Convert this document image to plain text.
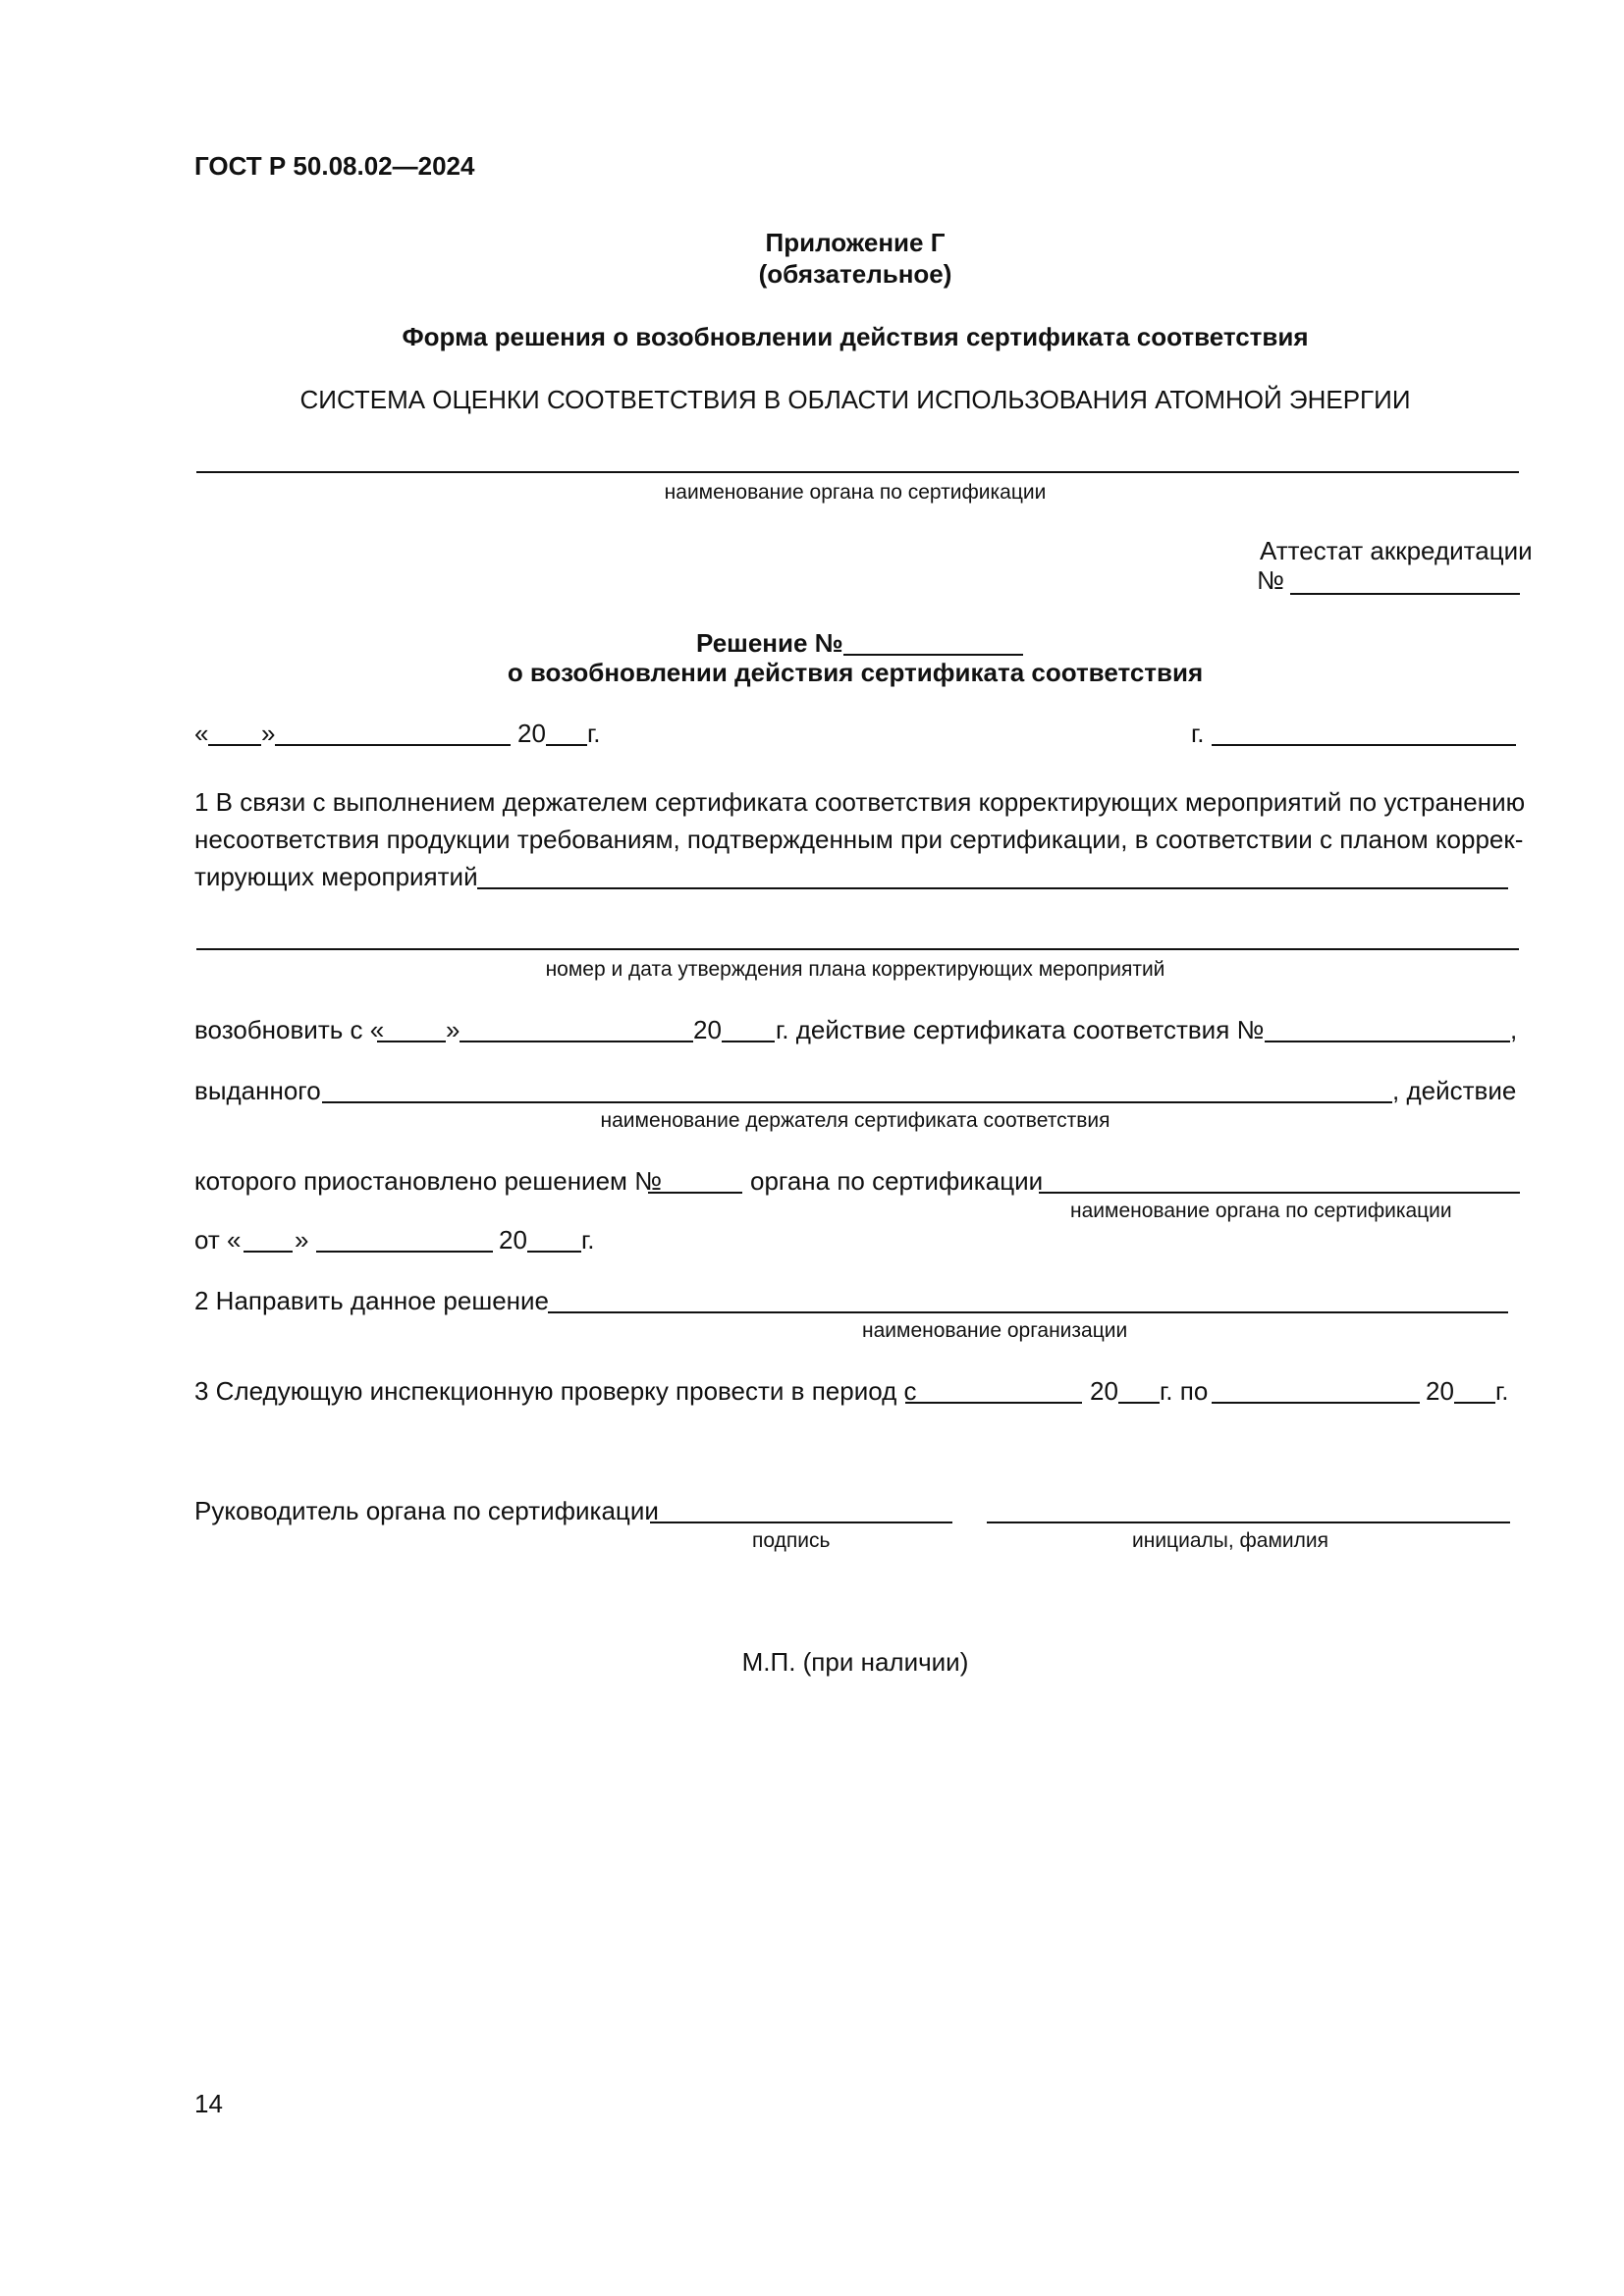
ГОСТ Р 50.08.02—2024
Приложение Г
(обязательное)
Форма решения о возобновлении действия сертификата соответствия
СИСТЕМА ОЦЕНКИ СООТВЕТСТВИЯ В ОБЛАСТИ ИСПОЛЬЗОВАНИЯ АТОМНОЙ ЭНЕРГИИ
наименование органа по сертификации
Аттестат аккредитации
№
Решение №
о возобновлении действия сертификата соответствия
« »	20 г.	г.
1 В связи с выполнением держателем сертификата соответствия корректирующих мероприятий по устранению
несоответствия продукции требованиям, подтвержденным при сертификации, в соответствии с планом коррек-
тирующих мероприятий
номер и дата утверждения плана корректирующих мероприятий
возобновить с « »	20 г. действие сертификата соответствия №	,
выданного	, действие
наименование держателя сертификата соответствия
которого приостановлено решением №	органа по сертификации
наименование органа по сертификации
от « »	20 г.
2 Направить данное решение
наименование организации
3 Следующую инспекционную проверку провести в период с	20 г. по	20 г.
Руководитель органа по сертификации
подпись	инициалы, фамилия
М.П. (при наличии)
14
